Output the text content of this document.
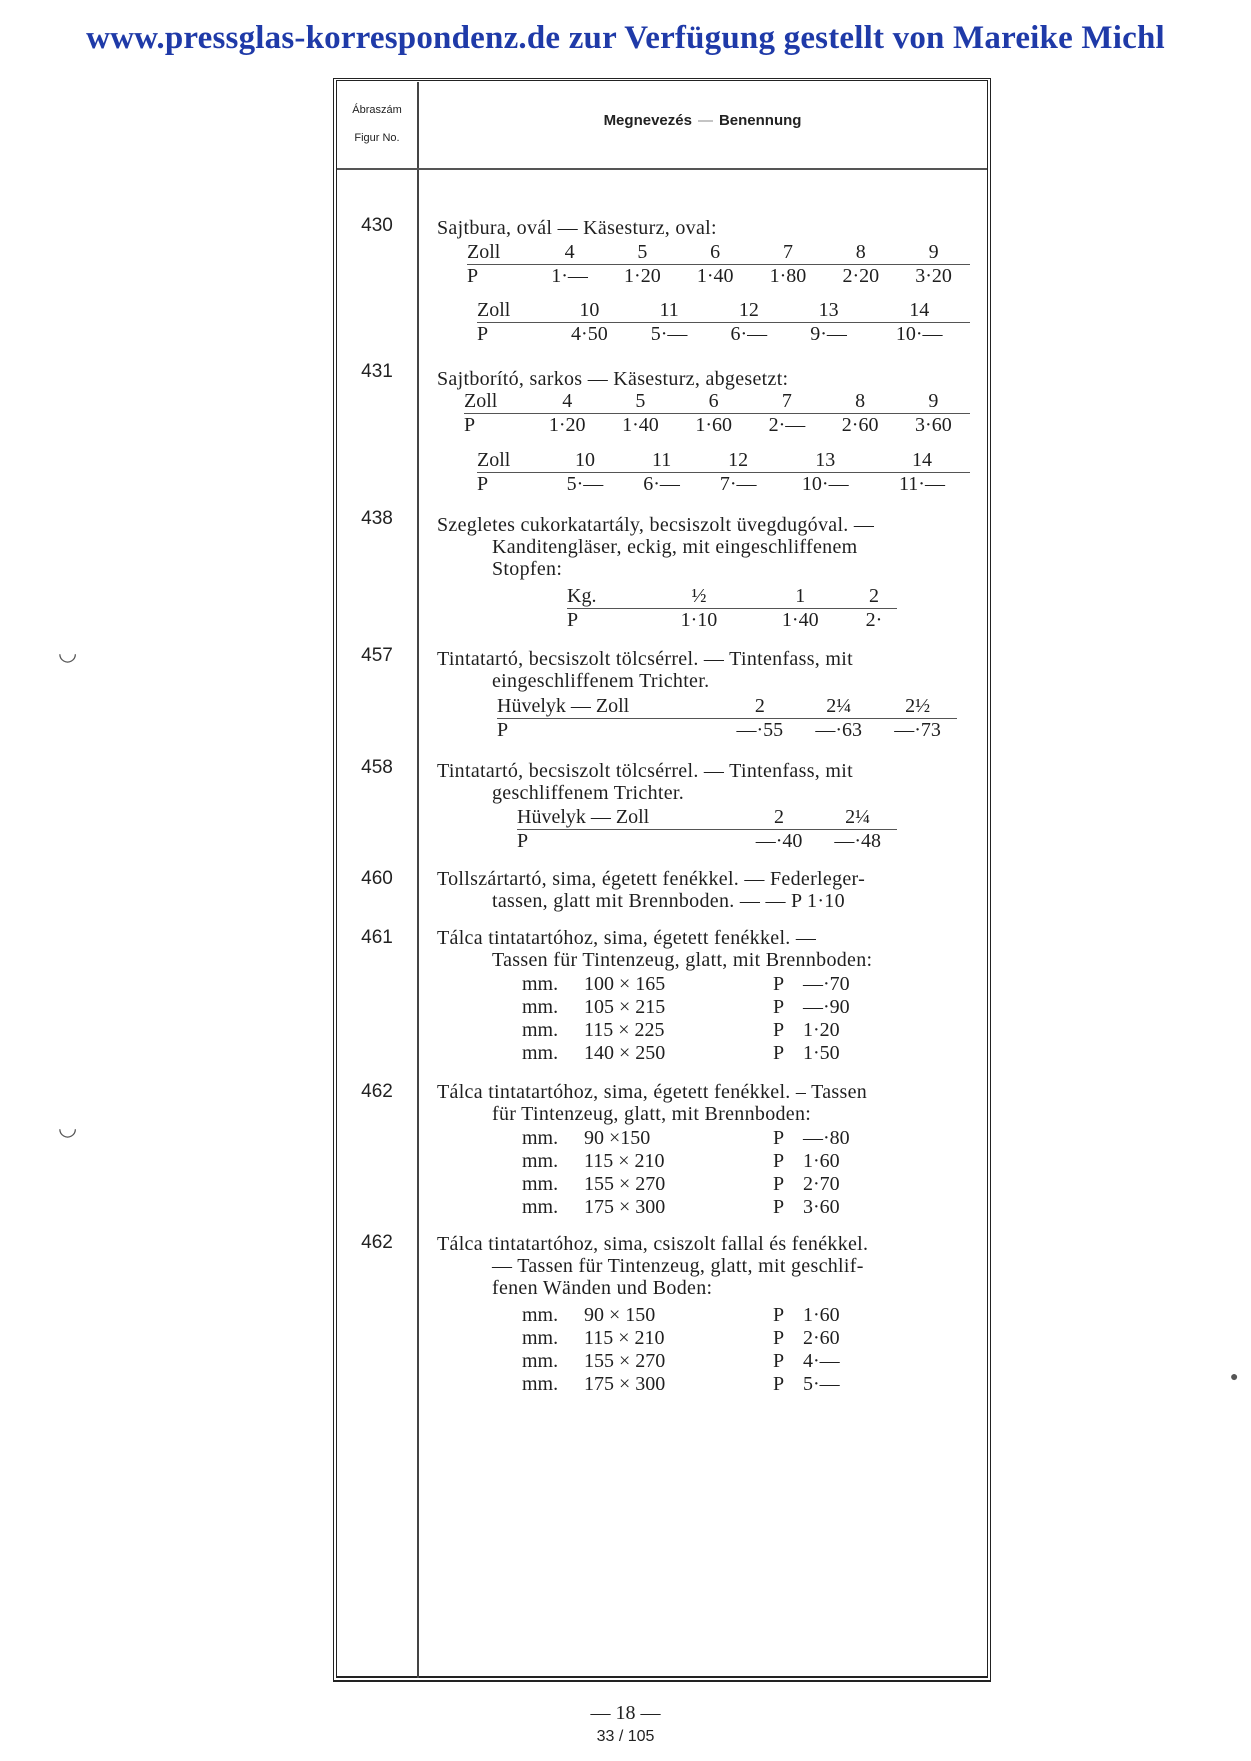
www.pressglas-korrespondenz.de zur Verfügung gestellt von Mareike Michl
Ábraszám
Figur No.
Megnevezés — Benennung
430	Sajtbura, ovál — Käsesturz, oval:
Zoll	4	5	6	7	8	9
P	1·—	1·20	1·40	1·80	2·20	3·20
Zoll	10	11	12	13	14
P	4·50	5·—	6·—	9·—	10·—
431	Sajtborító, sarkos — Käsesturz, abgesetzt:
Zoll	4	5	6	7	8	9
P	1·20	1·40	1·60	2·—	2·60	3·60
Zoll	10	11	12	13	14
P	5·—	6·—	7·—	10·—	11·—
438	Szegletes cukorkatartály, becsiszolt üvegdugóval. —
Kanditengläser, eckig, mit eingeschliffenem
Stopfen:
Kg.	½	1	2
P	1·10	1·40	2·
457	Tintatartó, becsiszolt tölcsérrel. — Tintenfass, mit
eingeschliffenem Trichter.
Hüvelyk — Zoll	2	2¼	2½
P	—·55	—·63	—·73
458	Tintatartó, becsiszolt tölcsérrel. — Tintenfass, mit
geschliffenem Trichter.
Hüvelyk — Zoll	2	2¼
P	—·40	—·48
460	Tollszártartó, sima, égetett fenékkel. — Federleger-
tassen, glatt mit Brennboden. — — P 1·10
461	Tálca tintatartóhoz, sima, égetett fenékkel. —
Tassen für Tintenzeug, glatt, mit Brennboden:
mm.	100 × 165	P	—·70
mm.	105 × 215	P	—·90
mm.	115 × 225	P	1·20
mm.	140 × 250	P	1·50
462	Tálca tintatartóhoz, sima, égetett fenékkel. – Tassen
für Tintenzeug, glatt, mit Brennboden:
mm.	90 ×150	P	—·80
mm.	115 × 210	P	1·60
mm.	155 × 270	P	2·70
mm.	175 × 300	P	3·60
462	Tálca tintatartóhoz, sima, csiszolt fallal és fenékkel.
— Tassen für Tintenzeug, glatt, mit geschlif-
fenen Wänden und Boden:
mm.	90 × 150	P	1·60
mm.	115 × 210	P	2·60
mm.	155 × 270	P	4·—
mm.	175 × 300	P	5·—
◡
◡
●
— 18 —
33 / 105
